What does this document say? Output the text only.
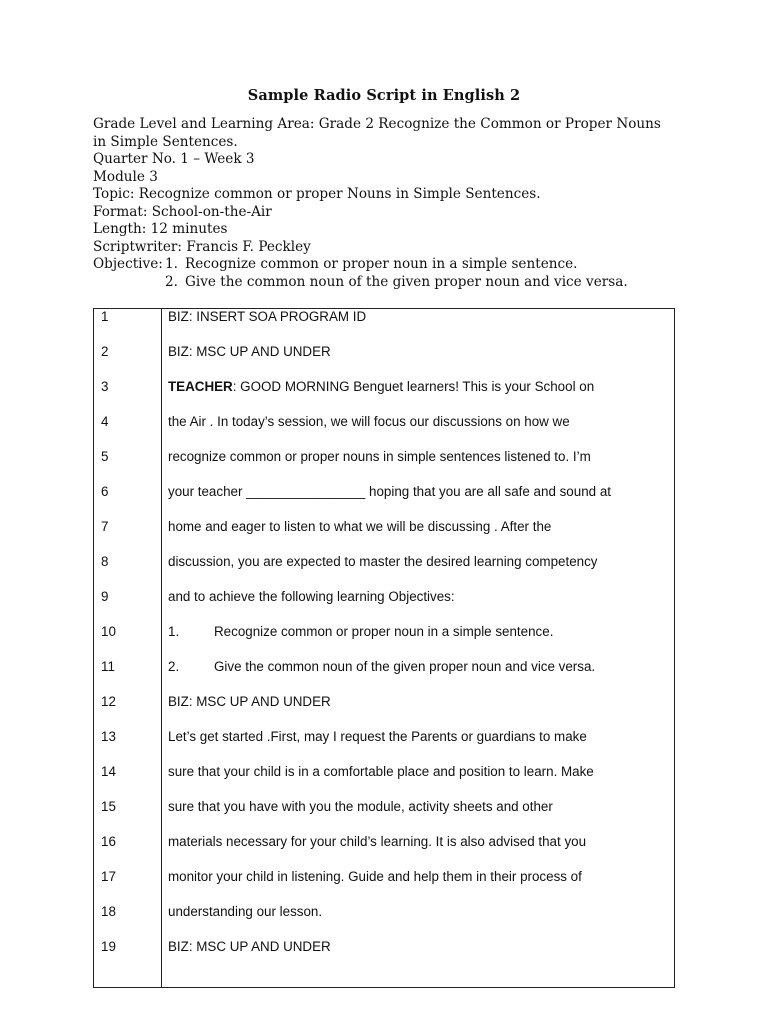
Sample Radio Script in English 2
Grade Level and Learning Area: Grade 2 Recognize the Common or Proper Nouns
in Simple Sentences.
Quarter No. 1 – Week 3
Module 3
Topic: Recognize common or proper Nouns in Simple Sentences.
Format: School-on-the-Air
Length: 12 minutes
Scriptwriter: Francis F. Peckley
Objective: 1. Recognize common or proper noun in a simple sentence.
2. Give the common noun of the given proper noun and vice versa.
1	BIZ: INSERT SOA PROGRAM ID
2	BIZ: MSC UP AND UNDER
3	TEACHER: GOOD MORNING Benguet learners! This is your School on
4	the Air . In today’s session, we will focus our discussions on how we
5	recognize common or proper nouns in simple sentences listened to. I’m
6	your teacher ________________ hoping that you are all safe and sound at
7	home and eager to listen to what we will be discussing . After the
8	discussion, you are expected to master the desired learning competency
9	and to achieve the following learning Objectives:
10	1.	Recognize common or proper noun in a simple sentence.
11	2.	Give the common noun of the given proper noun and vice versa.
12	BIZ: MSC UP AND UNDER
13	Let’s get started .First, may I request the Parents or guardians to make
14	sure that your child is in a comfortable place and position to learn. Make
15	sure that you have with you the module, activity sheets and other
16	materials necessary for your child’s learning. It is also advised that you
17	monitor your child in listening. Guide and help them in their process of
18	understanding our lesson.
19	BIZ: MSC UP AND UNDER
